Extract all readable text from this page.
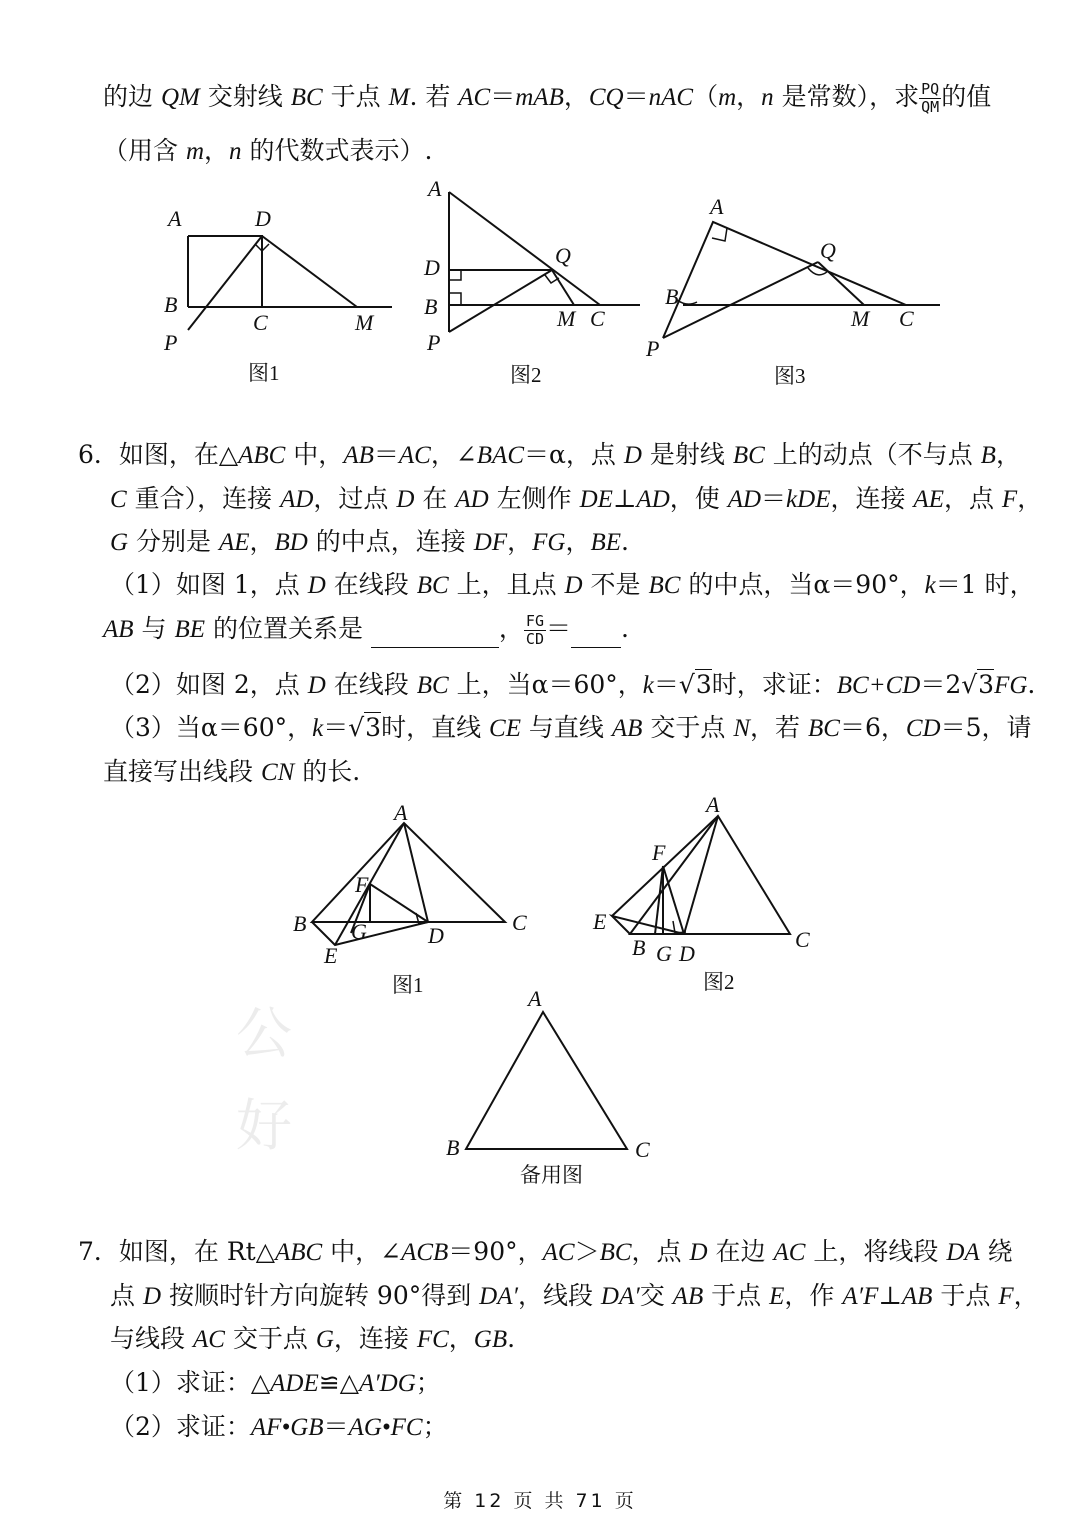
的边 QM 交射线 BC 于点 M. 若 AC＝mAB，CQ＝nAC（m，n 是常数），求 $\frac{PQ}{QM}$ 的值
（用含 m，n 的代数式表示）.
A	D
B
C	M
P
图1
A
D
B
P
Q
M C
图2
A
Q
B
P
M C
图3
6．如图，在△ABC 中，AB＝AC，∠BAC＝α，点 D 是射线 BC 上的动点（不与点 B，
C 重合），连接 AD，过点 D 在 AD 左侧作 DE⊥AD，使 AD＝kDE，连接 AE，点 F，
G 分别是 AE，BD 的中点，连接 DF，FG，BE.
（1）如图 1，点 D 在线段 BC 上，且点 D 不是 BC 的中点，当α＝90°，k＝1 时，
AB 与 BE 的位置关系是	， $\frac{FG}{CD}$ ＝ .
（2）如图 2，点 D 在线段 BC 上，当α＝60°，k＝√3时，求证：BC+CD＝2√3FG.
（3）当α＝60°，k＝√3时，直线 CE 与直线 AB 交于点 N，若 BC＝6，CD＝5，请
直接写出线段 CN 的长.
公
好
A
F
B G	D
C
E
图1
A
F
E
B G D
C
图2
A
B	C
备用图
7．如图，在 Rt△ABC 中，∠ACB＝90°，AC＞BC，点 D 在边 AC 上，将线段 DA 绕
点 D 按顺时针方向旋转 90°得到 DA′，线段 DA′交 AB 于点 E，作 A′F⊥AB 于点 F，
与线段 AC 交于点 G，连接 FC，GB.
（1）求证：△ADE≌△A′DG；
（2）求证：AF•GB＝AG•FC；
第 12 页 共 71 页
